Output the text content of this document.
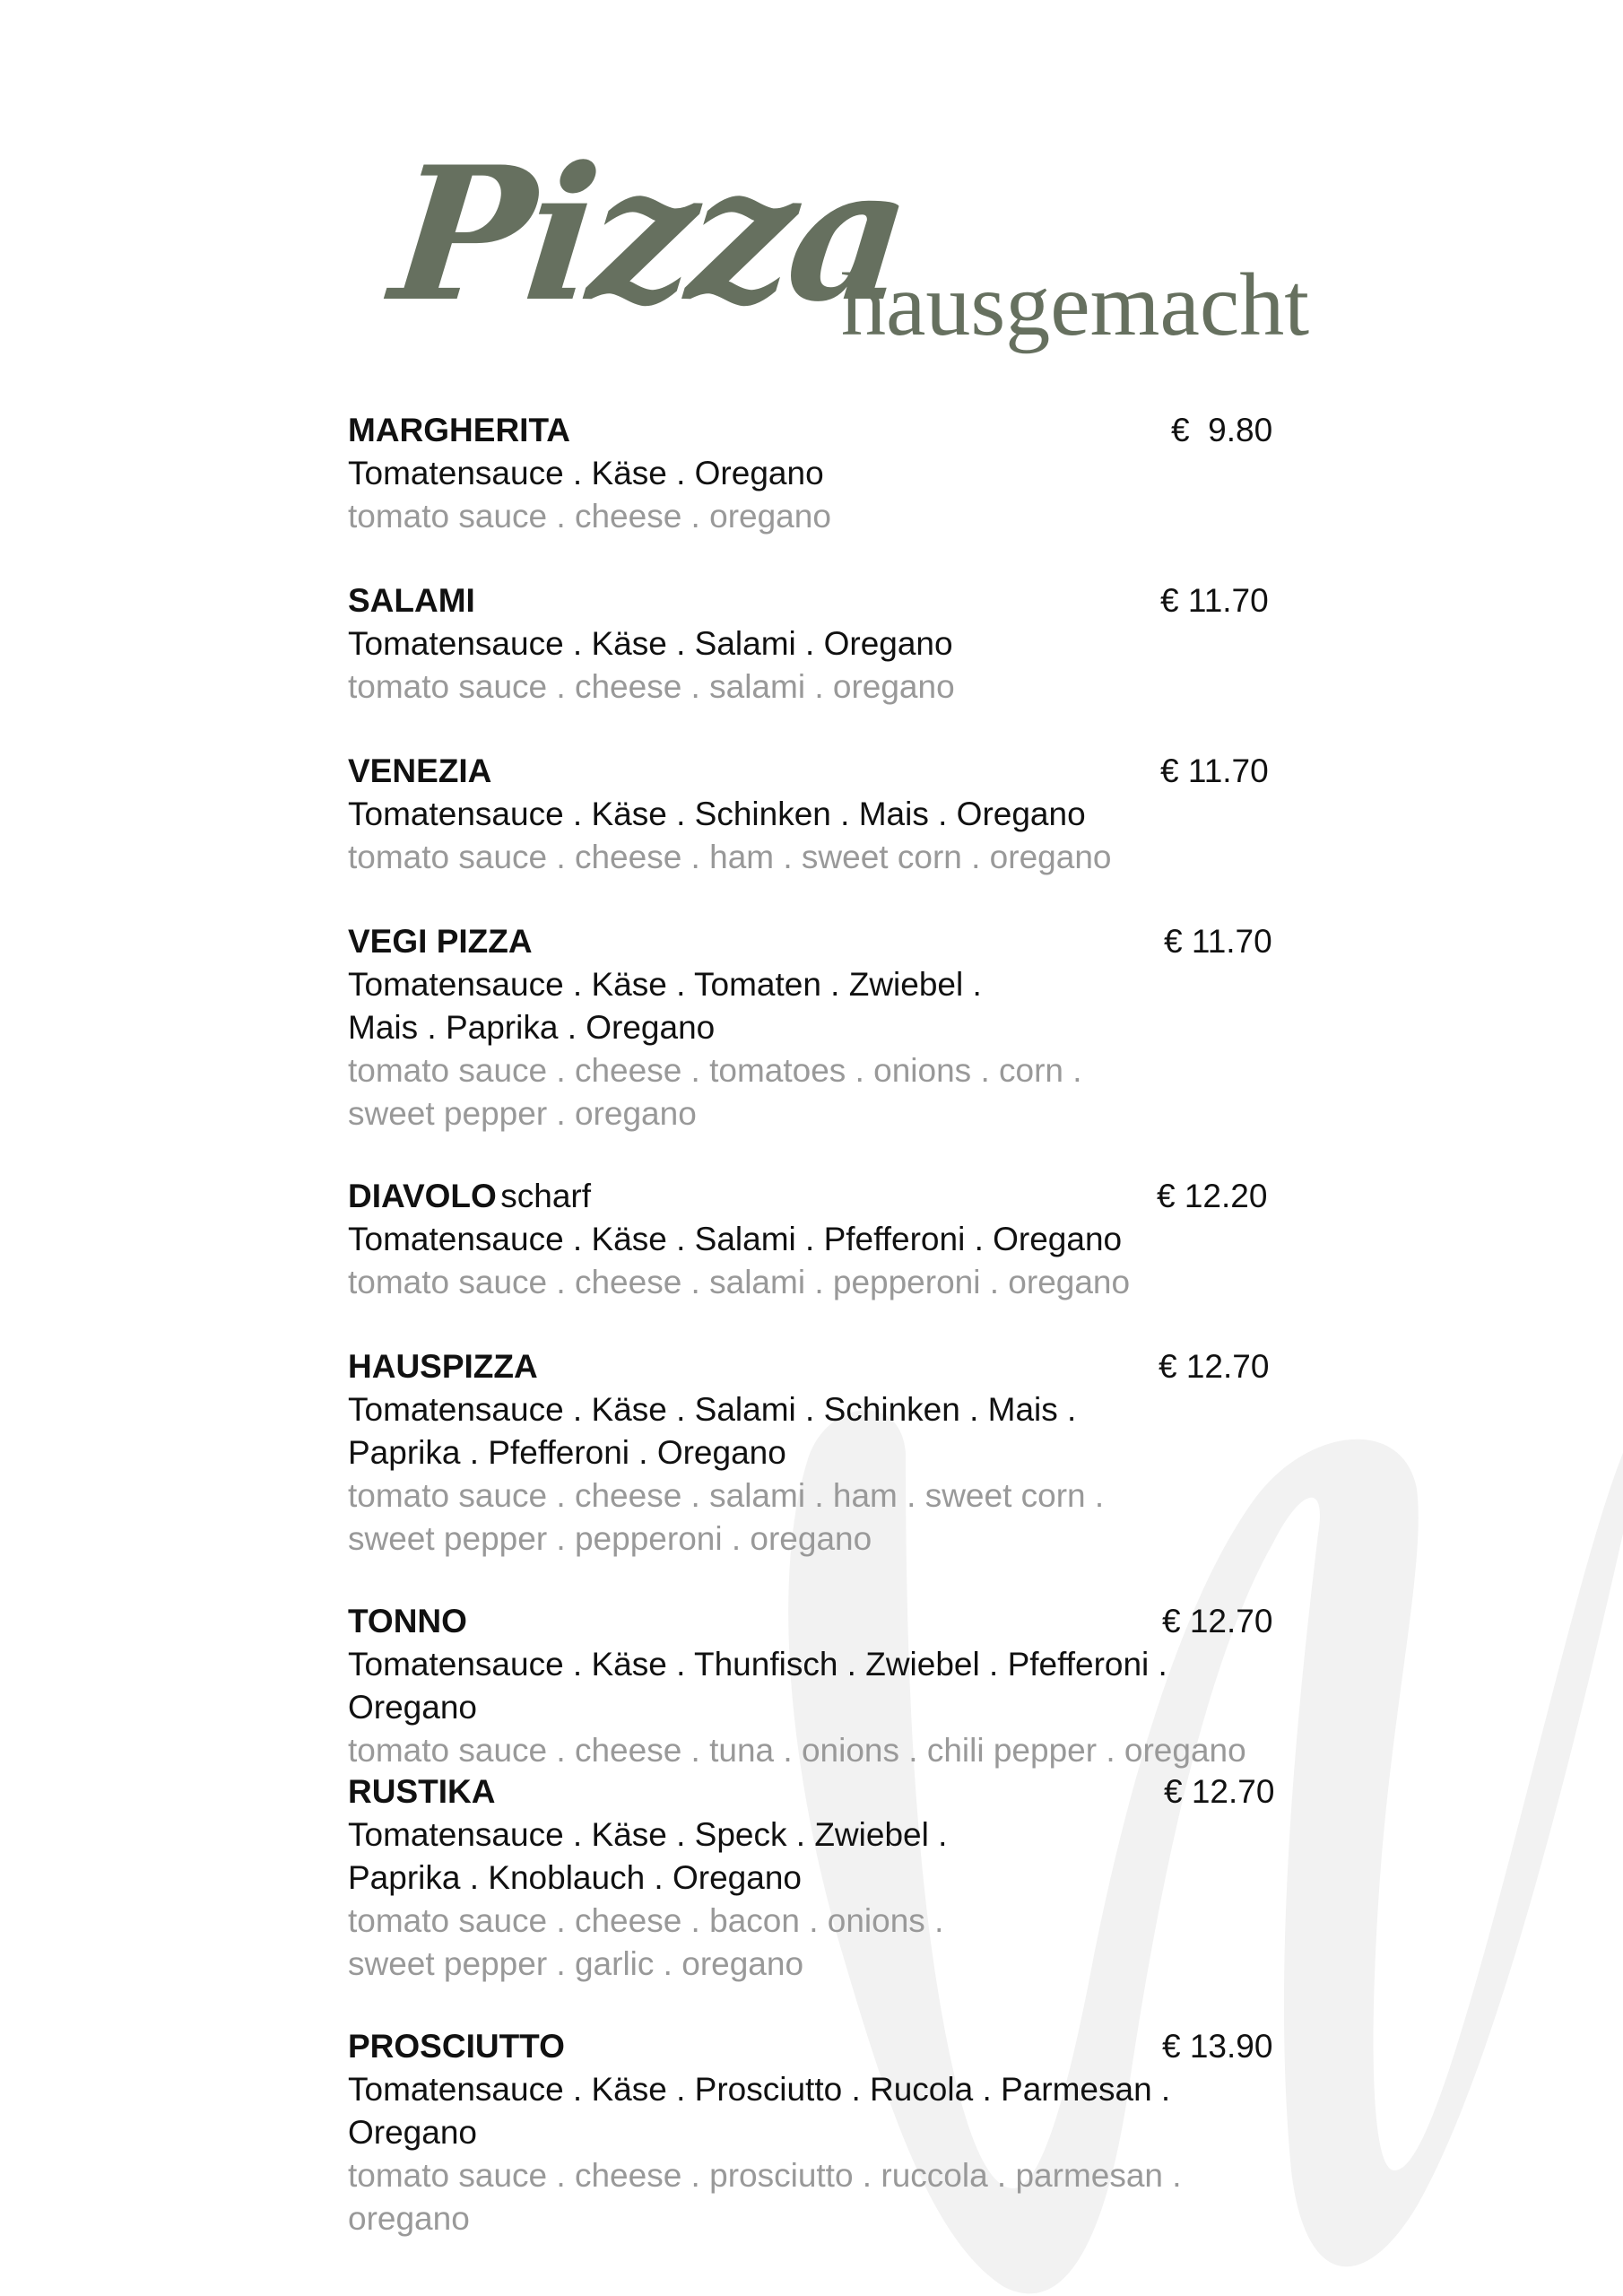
Pizza
hausgemacht
MARGHERITA	€  9.80
Tomatensauce . Käse . Oregano
tomato sauce . cheese . oregano
SALAMI	€ 11.70
Tomatensauce . Käse . Salami . Oregano
tomato sauce . cheese . salami . oregano
VENEZIA	€ 11.70
Tomatensauce . Käse . Schinken . Mais . Oregano
tomato sauce . cheese . ham . sweet corn . oregano
VEGI PIZZA	€ 11.70
Tomatensauce . Käse . Tomaten . Zwiebel .
Mais . Paprika . Oregano
tomato sauce . cheese . tomatoes . onions . corn .
sweet pepper . oregano
DIAVOLO scharf	€ 12.20
Tomatensauce . Käse . Salami . Pfefferoni . Oregano
tomato sauce . cheese . salami . pepperoni . oregano
HAUSPIZZA	€ 12.70
Tomatensauce . Käse . Salami . Schinken . Mais .
Paprika . Pfefferoni . Oregano
tomato sauce . cheese . salami . ham . sweet corn .
sweet pepper . pepperoni . oregano
TONNO	€ 12.70
Tomatensauce . Käse . Thunfisch . Zwiebel . Pfefferoni . Oregano
tomato sauce . cheese . tuna . onions . chili pepper . oregano
RUSTIKA	€ 12.70
Tomatensauce . Käse . Speck . Zwiebel .
Paprika . Knoblauch . Oregano
tomato sauce . cheese . bacon . onions .
sweet pepper . garlic . oregano
PROSCIUTTO	€ 13.90
Tomatensauce . Käse . Prosciutto . Rucola . Parmesan . Oregano
tomato sauce . cheese . prosciutto . ruccola . parmesan . oregano
